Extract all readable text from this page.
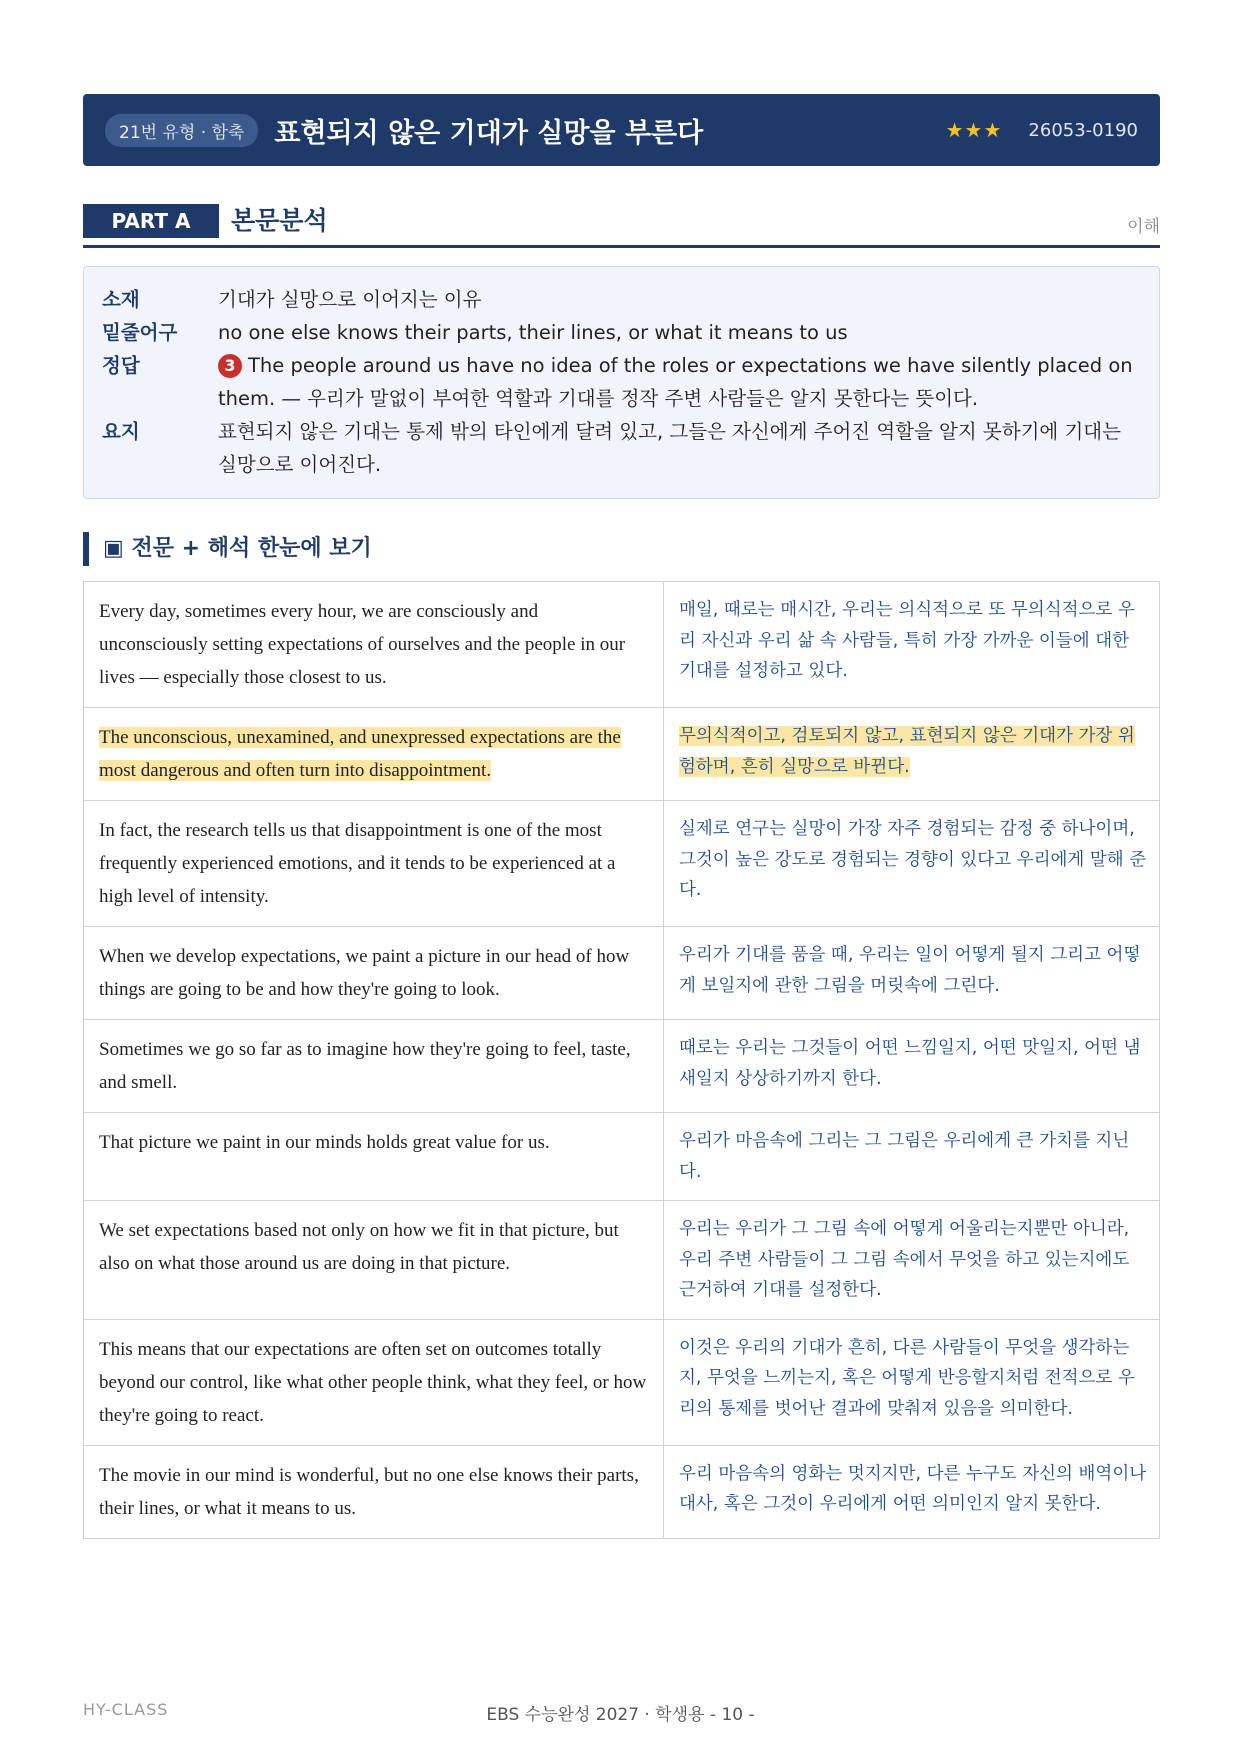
21번 유형 · 함축	표현되지 않은 기대가 실망을 부른다	★★★ 26053-0190
PART A	본문분석	이해
소재	기대가 실망으로 이어지는 이유
밑줄어구	no one else knows their parts, their lines, or what it means to us
정답	3 The people around us have no idea of the roles or expectations we have silently placed on them. — 우리가 말없이 부여한 역할과 기대를 정작 주변 사람들은 알지 못한다는 뜻이다.
요지	표현되지 않은 기대는 통제 밖의 타인에게 달려 있고, 그들은 자신에게 주어진 역할을 알지 못하기에 기대는 실망으로 이어진다.
▣ 전문 + 해석 한눈에 보기
Every day, sometimes every hour, we are consciously and unconsciously setting expectations of ourselves and the people in our lives — especially those closest to us.	매일, 때로는 매시간, 우리는 의식적으로 또 무의식적으로 우리 자신과 우리 삶 속 사람들, 특히 가장 가까운 이들에 대한 기대를 설정하고 있다.
The unconscious, unexamined, and unexpressed expectations are the most dangerous and often turn into disappointment.	무의식적이고, 검토되지 않고, 표현되지 않은 기대가 가장 위험하며, 흔히 실망으로 바뀐다.
In fact, the research tells us that disappointment is one of the most frequently experienced emotions, and it tends to be experienced at a high level of intensity.	실제로 연구는 실망이 가장 자주 경험되는 감정 중 하나이며, 그것이 높은 강도로 경험되는 경향이 있다고 우리에게 말해 준다.
When we develop expectations, we paint a picture in our head of how things are going to be and how they're going to look.	우리가 기대를 품을 때, 우리는 일이 어떻게 될지 그리고 어떻게 보일지에 관한 그림을 머릿속에 그린다.
Sometimes we go so far as to imagine how they're going to feel, taste, and smell.	때로는 우리는 그것들이 어떤 느낌일지, 어떤 맛일지, 어떤 냄새일지 상상하기까지 한다.
That picture we paint in our minds holds great value for us.	우리가 마음속에 그리는 그 그림은 우리에게 큰 가치를 지닌다.
We set expectations based not only on how we fit in that picture, but also on what those around us are doing in that picture.	우리는 우리가 그 그림 속에 어떻게 어울리는지뿐만 아니라, 우리 주변 사람들이 그 그림 속에서 무엇을 하고 있는지에도 근거하여 기대를 설정한다.
This means that our expectations are often set on outcomes totally beyond our control, like what other people think, what they feel, or how they're going to react.	이것은 우리의 기대가 흔히, 다른 사람들이 무엇을 생각하는지, 무엇을 느끼는지, 혹은 어떻게 반응할지처럼 전적으로 우리의 통제를 벗어난 결과에 맞춰져 있음을 의미한다.
The movie in our mind is wonderful, but no one else knows their parts, their lines, or what it means to us.	우리 마음속의 영화는 멋지지만, 다른 누구도 자신의 배역이나 대사, 혹은 그것이 우리에게 어떤 의미인지 알지 못한다.
HY-CLASS	EBS 수능완성 2027 · 학생용 - 10 -
